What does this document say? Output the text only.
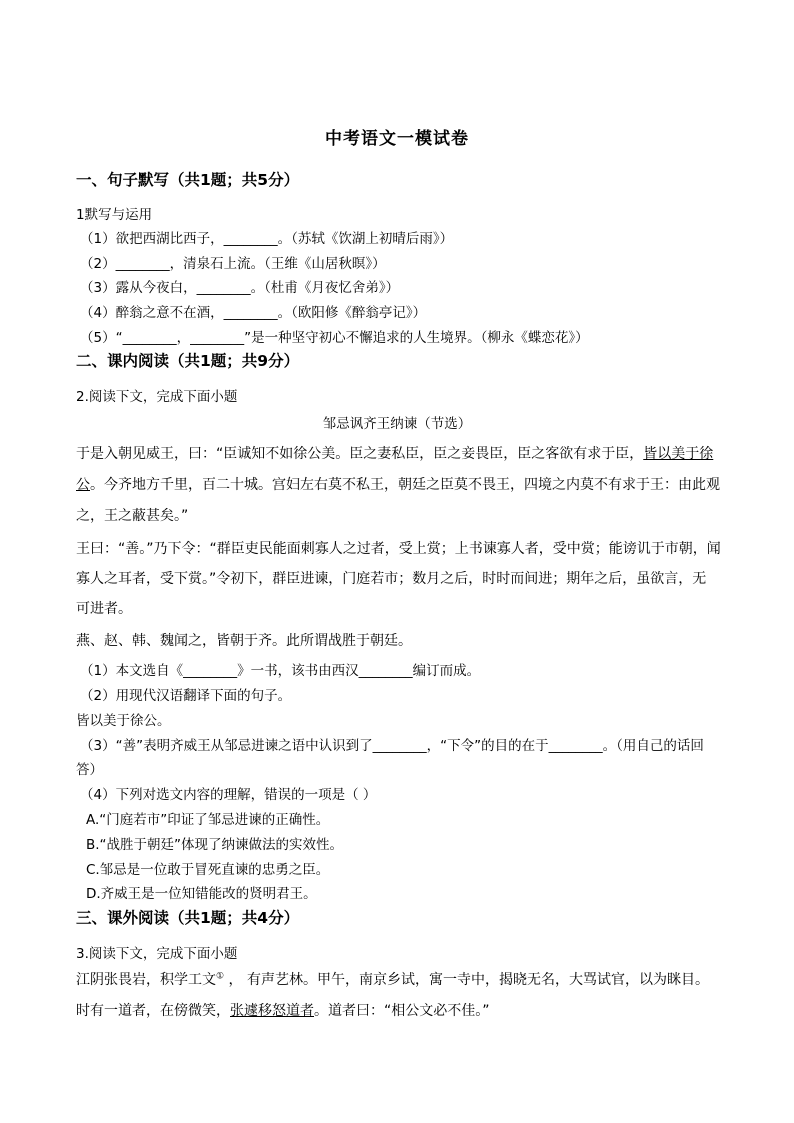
中考语文一模试卷
一、句子默写（共1题；共5分）
1默写与运用
（1）欲把西湖比西子，________。（苏轼《饮湖上初晴后雨》）
（2）________，清泉石上流。（王维《山居秋暝》）
（3）露从今夜白，________。（杜甫《月夜忆舍弟》）
（4）醉翁之意不在酒，________。（欧阳修《醉翁亭记》）
（5）“________，________”是一种坚守初心不懈追求的人生境界。（柳永《蝶恋花》）
二、课内阅读（共1题；共9分）
2.阅读下文，完成下面小题
邹忌讽齐王纳谏（节选）
于是入朝见威王，曰：“臣诚知不如徐公美。臣之妻私臣，臣之妾畏臣，臣之客欲有求于臣，皆以美于徐
公。今齐地方千里，百二十城。宫妇左右莫不私王，朝廷之臣莫不畏王，四境之内莫不有求于王：由此观
之，王之蔽甚矣。”
王曰：“善。”乃下令：“群臣吏民能面刺寡人之过者，受上赏；上书谏寡人者，受中赏；能谤讥于市朝，闻
寡人之耳者，受下赏。”令初下，群臣进谏，门庭若市；数月之后，时时而间进；期年之后，虽欲言，无
可进者。
燕、赵、韩、魏闻之，皆朝于齐。此所谓战胜于朝廷。
（1）本文选自《________》一书，该书由西汉________编订而成。
（2）用现代汉语翻译下面的句子。
皆以美于徐公。
（3）“善”表明齐威王从邹忌进谏之语中认识到了________，“下令”的目的在于________。（用自己的话回
答）
（4）下列对选文内容的理解，错误的一项是（ ）
A.“门庭若市”印证了邹忌进谏的正确性。
B.“战胜于朝廷”体现了纳谏做法的实效性。
C.邹忌是一位敢于冒死直谏的忠勇之臣。
D.齐威王是一位知错能改的贤明君王。
三、课外阅读（共1题；共4分）
3.阅读下文，完成下面小题
江阴张畏岩，积学工文① ， 有声艺林。甲午，南京乡试，寓一寺中，揭晓无名，大骂试官，以为眯目。
时有一道者，在傍微笑，张遽移怒道者。道者曰：“相公文必不佳。”
